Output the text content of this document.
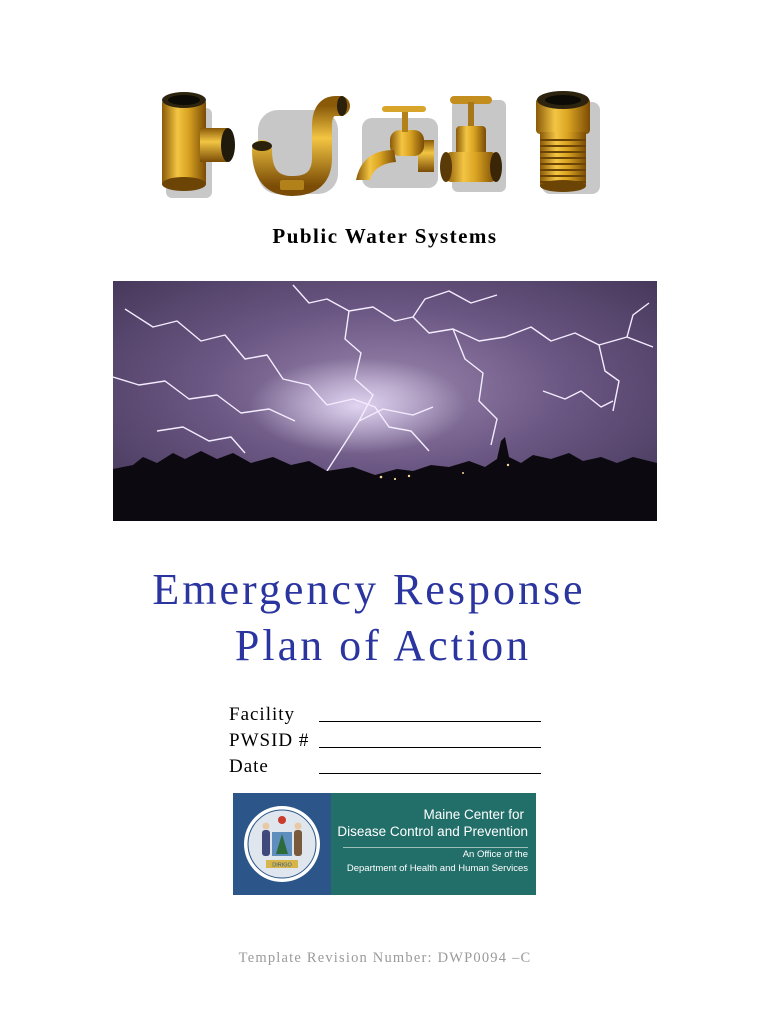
Public Water Systems
Emergency Response
Plan of Action
Facility
PWSID #
Date
DIRIGO
Maine Center for
Disease Control and Prevention
An Office of the
Department of Health and Human Services
Template Revision Number: DWP0094 –C
